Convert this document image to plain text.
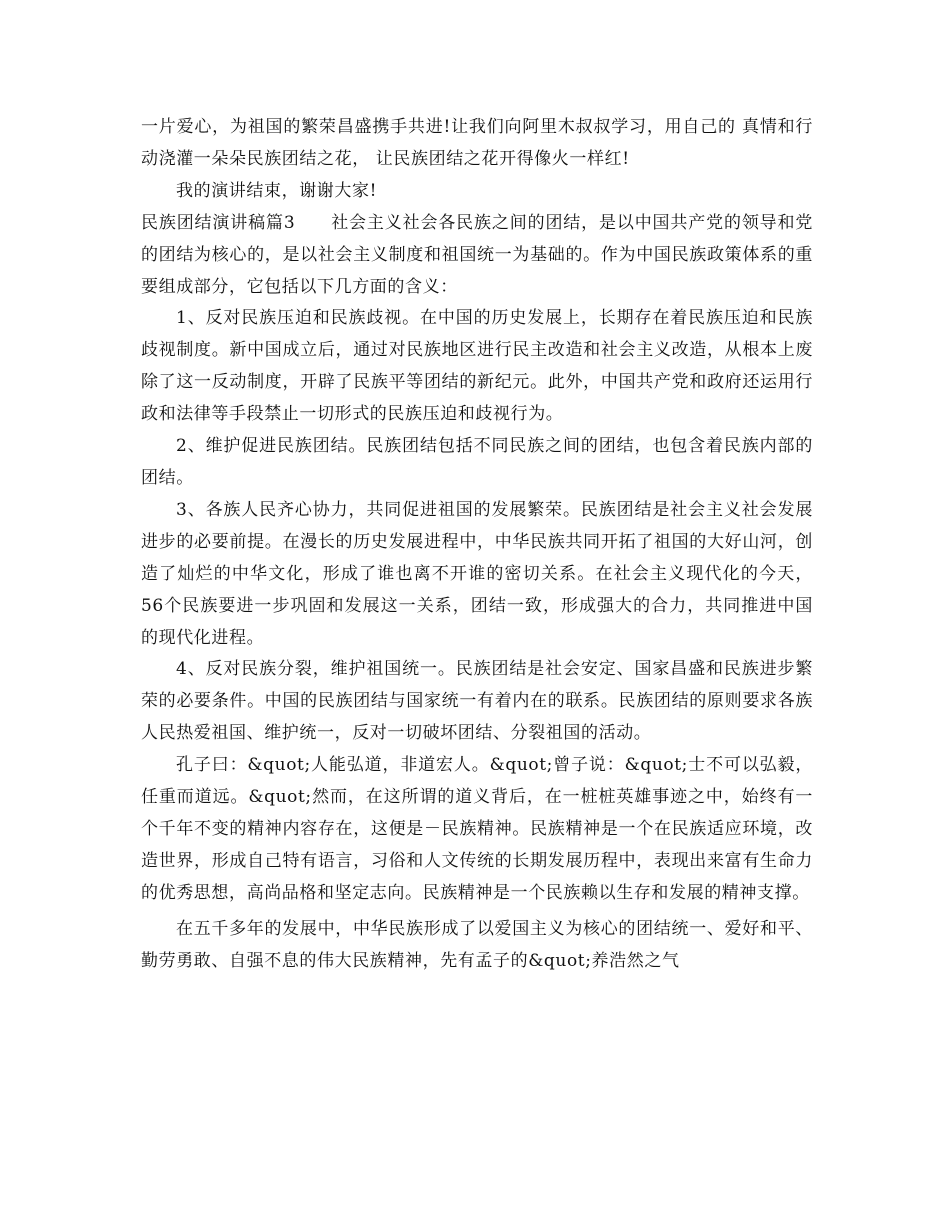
一片爱心，为祖国的繁荣昌盛携手共进!让我们向阿里木叔叔学习，用自己的 真情和行动浇灌一朵朵民族团结之花， 让民族团结之花开得像火一样红!

我的演讲结束，谢谢大家!

民族团结演讲稿篇3　　社会主义社会各民族之间的团结，是以中国共产党的领导和党的团结为核心的，是以社会主义制度和祖国统一为基础的。作为中国民族政策体系的重要组成部分，它包括以下几方面的含义：

1、反对民族压迫和民族歧视。在中国的历史发展上，长期存在着民族压迫和民族歧视制度。新中国成立后，通过对民族地区进行民主改造和社会主义改造，从根本上废除了这一反动制度，开辟了民族平等团结的新纪元。此外，中国共产党和政府还运用行政和法律等手段禁止一切形式的民族压迫和歧视行为。

2、维护促进民族团结。民族团结包括不同民族之间的团结，也包含着民族内部的团结。

3、各族人民齐心协力，共同促进祖国的发展繁荣。民族团结是社会主义社会发展进步的必要前提。在漫长的历史发展进程中，中华民族共同开拓了祖国的大好山河，创造了灿烂的中华文化，形成了谁也离不开谁的密切关系。在社会主义现代化的今天，56个民族要进一步巩固和发展这一关系，团结一致，形成强大的合力，共同推进中国的现代化进程。

4、反对民族分裂，维护祖国统一。民族团结是社会安定、国家昌盛和民族进步繁荣的必要条件。中国的民族团结与国家统一有着内在的联系。民族团结的原则要求各族人民热爱祖国、维护统一，反对一切破坏团结、分裂祖国的活动。

孔子曰：&quot;人能弘道，非道宏人。&quot;曾子说：&quot;士不可以弘毅，任重而道远。&quot;然而，在这所谓的道义背后，在一桩桩英雄事迹之中，始终有一个千年不变的精神内容存在，这便是－民族精神。民族精神是一个在民族适应环境，改造世界，形成自己特有语言，习俗和人文传统的长期发展历程中，表现出来富有生命力的优秀思想，高尚品格和坚定志向。民族精神是一个民族赖以生存和发展的精神支撑。

在五千多年的发展中，中华民族形成了以爱国主义为核心的团结统一、爱好和平、勤劳勇敢、自强不息的伟大民族精神，先有孟子的&quot;养浩然之气
